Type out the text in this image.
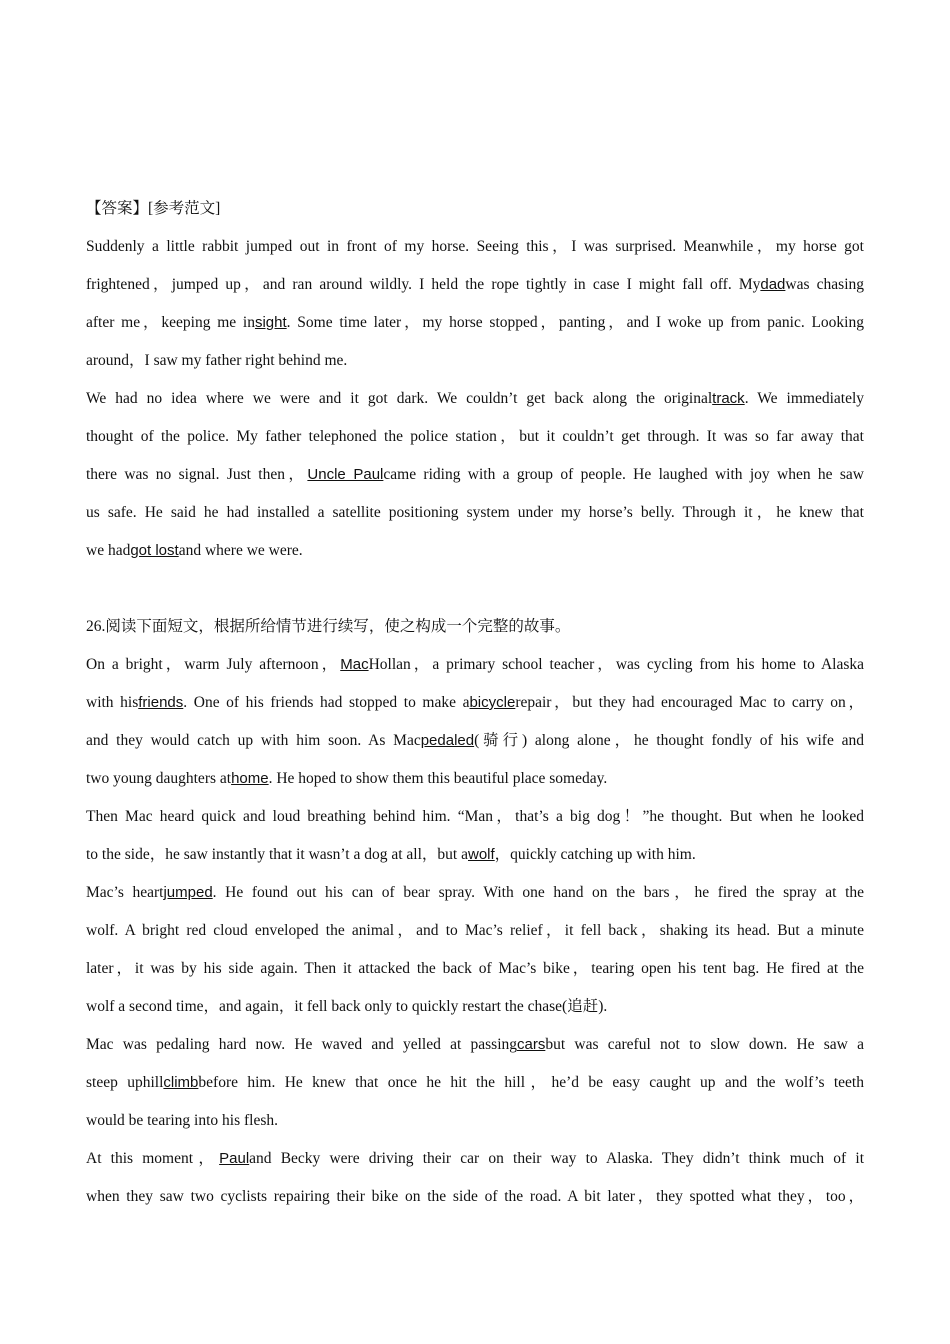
【答案】[参考范文]
Suddenly a little rabbit jumped out in front of my horse. Seeing this，I was surprised. Meanwhile，my horse got
frightened，jumped up，and ran around wildly. I held the rope tightly in case I might fall off. Mydadwas chasing
after me，keeping me insight. Some time later，my horse stopped，panting，and I woke up from panic. Looking
around，I saw my father right behind me.
We had no idea where we were and it got dark. We couldn’t get back along the originaltrack. We immediately
thought of the police. My father telephoned the police station，but it couldn’t get through. It was so far away that
there was no signal. Just then，Uncle Paulcame riding with a group of people. He laughed with joy when he saw
us safe. He said he had installed a satellite positioning system under my horse’s belly. Through it，he knew that
we had got lost and where we were.
26.阅读下面短文，根据所给情节进行续写，使之构成一个完整的故事。
On a bright，warm July afternoon，MacHollan，a primary school teacher，was cycling from his home to Alaska
with hisfriends. One of his friends had stopped to make abicyclerepair，but they had encouraged Mac to carry on，
and they would catch up with him soon. As Macpedaled(骑行) along alone，he thought fondly of his wife and
two young daughters at home . He hoped to show them this beautiful place someday.
Then Mac heard quick and loud breathing behind him. “Man，that’s a big dog！”he thought. But when he looked
to the side，he saw instantly that it wasn’t a dog at all，but a wolf ，quickly catching up with him.
Mac’s heartjumped. He found out his can of bear spray. With one hand on the bars，he fired the spray at the
wolf. A bright red cloud enveloped the animal，and to Mac’s relief，it fell back，shaking its head. But a minute
later，it was by his side again. Then it attacked the back of Mac’s bike，tearing open his tent bag. He fired at the
wolf a second time，and again，it fell back only to quickly restart the chase(追赶).
Mac was pedaling hard now. He waved and yelled at passingcarsbut was careful not to slow down. He saw a
steep uphillclimbbefore him. He knew that once he hit the hill，he’d be easy caught up and the wolf’s teeth
would be tearing into his flesh.
At this moment，Pauland Becky were driving their car on their way to Alaska. They didn’t think much of it
when they saw two cyclists repairing their bike on the side of the road. A bit later，they spotted what they，too，
